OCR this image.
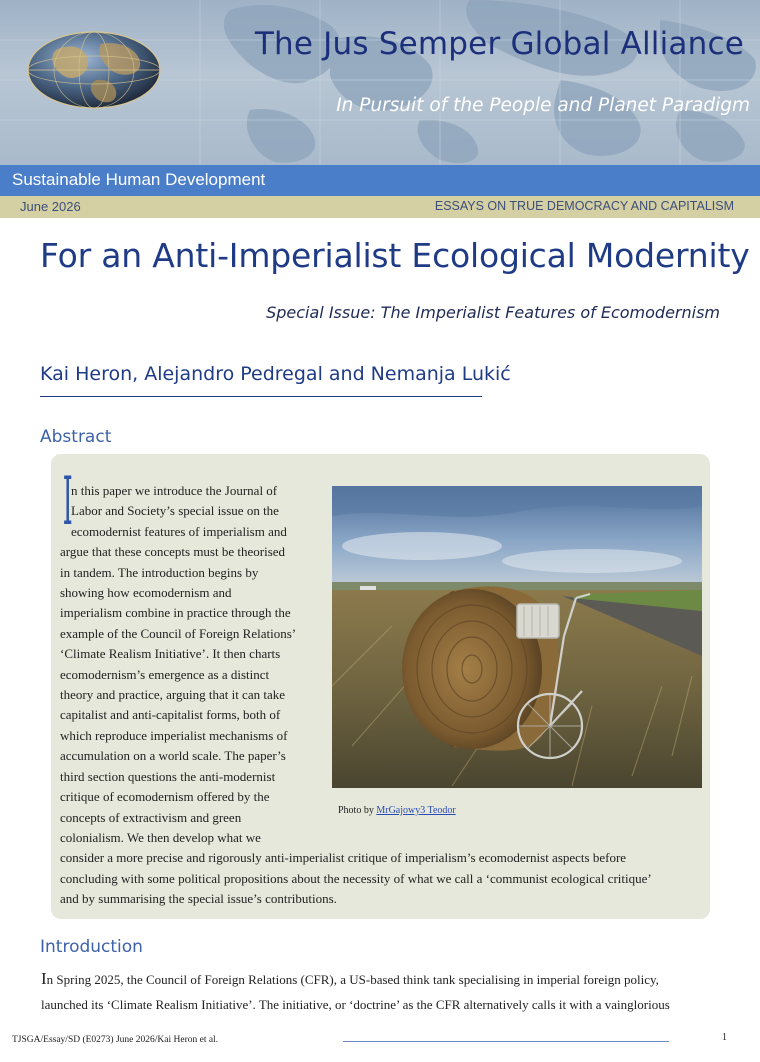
The Jus Semper Global Alliance
In Pursuit of the People and Planet Paradigm
Sustainable Human Development
June 2026	ESSAYS ON TRUE DEMOCRACY AND CAPITALISM
For an Anti-Imperialist Ecological Modernity
Special Issue: The Imperialist Features of Ecomodernism
Kai Heron, Alejandro Pedregal and Nemanja Lukić
Abstract
I
n this paper we introduce the Journal of
Labor and Society’s special issue on the
ecomodernist features of imperialism and
argue that these concepts must be theorised
in tandem. The introduction begins by
showing how ecomodernism and
imperialism combine in practice through the
example of the Council of Foreign Relations’
‘Climate Realism Initiative’. It then charts
ecomodernism’s emergence as a distinct
theory and practice, arguing that it can take
capitalist and anti-capitalist forms, both of
which reproduce imperialist mechanisms of
accumulation on a world scale. The paper’s
third section questions the anti-modernist
critique of ecomodernism offered by the
concepts of extractivism and green
colonialism. We then develop what we
consider a more precise and rigorously anti-imperialist critique of imperialism’s ecomodernist aspects before
concluding with some political propositions about the necessity of what we call a ‘communist ecological critique’
and by summarising the special issue’s contributions.
Photo by MrGajowy3 Teodor
Introduction
In Spring 2025, the Council of Foreign Relations (CFR), a US-based think tank specialising in imperial foreign policy,
launched its ‘Climate Realism Initiative’. The initiative, or ‘doctrine’ as the CFR alternatively calls it with a vainglorious
TJSGA/Essay/SD (E0273) June 2026/Kai Heron et al.	1
